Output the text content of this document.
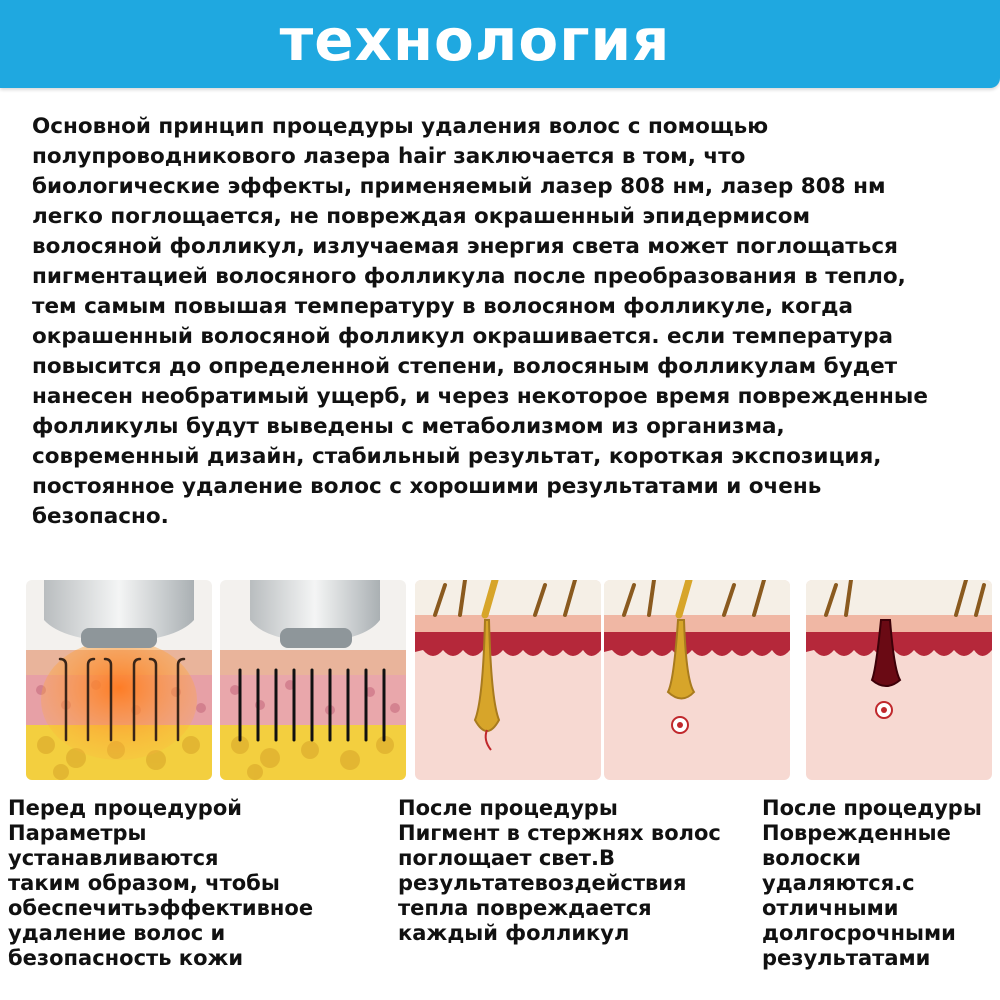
технология
Основной принцип процедуры удаления волос с помощью
полупроводникового лазера hair заключается в том, что
биологические эффекты, применяемый лазер 808 нм, лазер 808 нм
легко поглощается, не повреждая окрашенный эпидермисом
волосяной фолликул, излучаемая энергия света может поглощаться
пигментацией волосяного фолликула после преобразования в тепло,
тем самым повышая температуру в волосяном фолликуле, когда
окрашенный волосяной фолликул окрашивается. если температура
повысится до определенной степени, волосяным фолликулам будет
нанесен необратимый ущерб, и через некоторое время поврежденные
фолликулы будут выведены с метаболизмом из организма,
современный дизайн, стабильный результат, короткая экспозиция,
постоянное удаление волос с хорошими результатами и очень
безопасно.
Перед процедурой
Параметры
устанавливаются
таким образом, чтобы
обеспечитьэффективное
удаление волос и
безопасность кожи
После процедуры
Пигмент в стержнях волос
поглощает свет.В
результатевоздействия
тепла повреждается
каждый фолликул
После процедуры
Поврежденные
волоски
удаляются.с
отличными
долгосрочными
результатами
